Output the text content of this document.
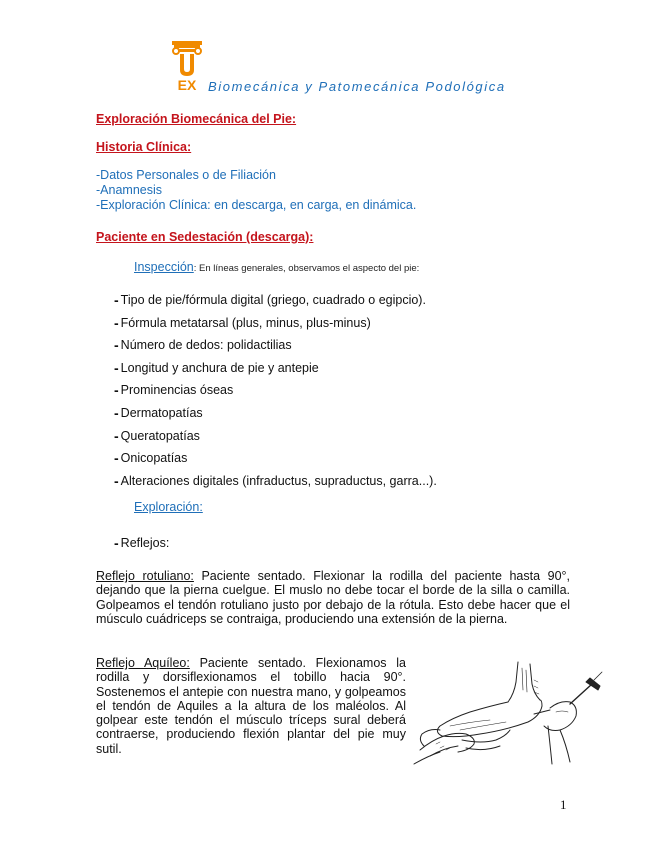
EX Biomecánica y Patomecánica Podológica
Exploración Biomecánica del Pie:
Historia Clínica:
-Datos Personales o de Filiación
-Anamnesis
-Exploración Clínica: en descarga, en carga, en dinámica.
Paciente en Sedestación (descarga):
Inspección: En líneas generales, observamos el aspecto del pie:
- Tipo de pie/fórmula digital (griego, cuadrado o egipcio).
- Fórmula metatarsal (plus, minus, plus-minus)
- Número de dedos: polidactilias
- Longitud y anchura de pie y antepie
- Prominencias óseas
- Dermatopatías
- Queratopatías
- Onicopatías
- Alteraciones digitales (infraductus, supraductus, garra...).
Exploración:
- Reflejos:
Reflejo rotuliano: Paciente sentado. Flexionar la rodilla del paciente hasta 90°, dejando que la pierna cuelgue. El muslo no debe tocar el borde de la silla o camilla. Golpeamos el tendón rotuliano justo por debajo de la rótula. Esto debe hacer que el músculo cuádriceps se contraiga, produciendo una extensión de la pierna.
Reflejo Aquíleo: Paciente sentado. Flexionamos la rodilla y dorsiflexionamos el tobillo hacia 90°. Sostenemos el antepie con nuestra mano, y golpeamos el tendón de Aquiles a la altura de los maléolos. Al golpear este tendón el músculo tríceps sural deberá contraerse, produciendo flexión plantar del pie muy sutil.
1
